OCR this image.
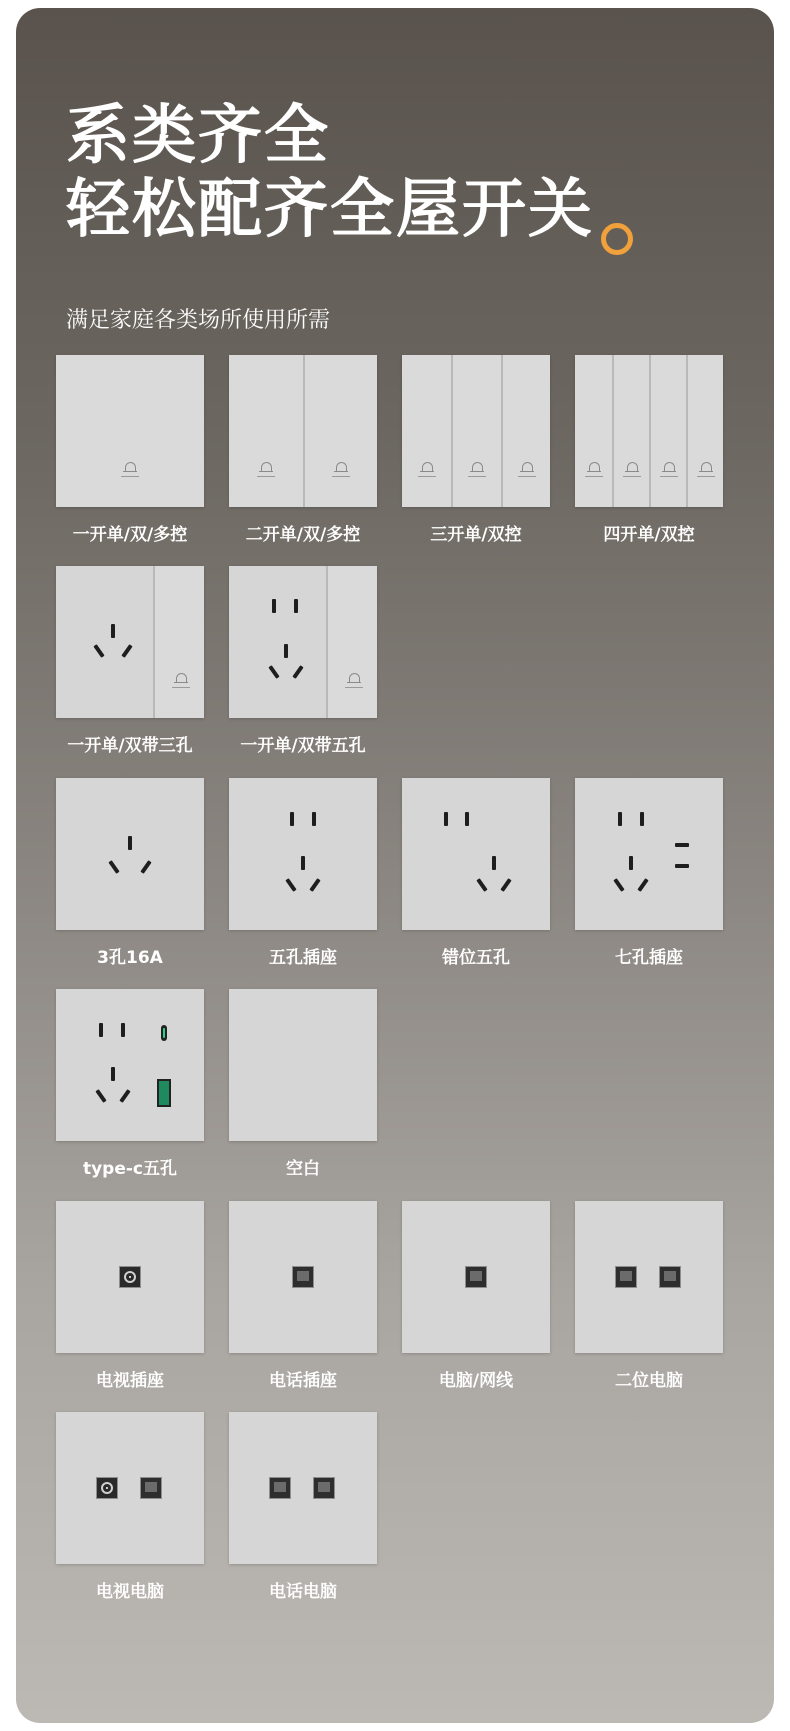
系类齐全
轻松配齐全屋开关

满足家庭各类场所使用所需

一开单/双/多控	二开单/双/多控	三开单/双控	四开单/双控
一开单/双带三孔	一开单/双带五孔
3孔16A	五孔插座	错位五孔	七孔插座
type-c五孔	空白
电视插座	电话插座	电脑/网线	二位电脑
电视电脑	电话电脑
